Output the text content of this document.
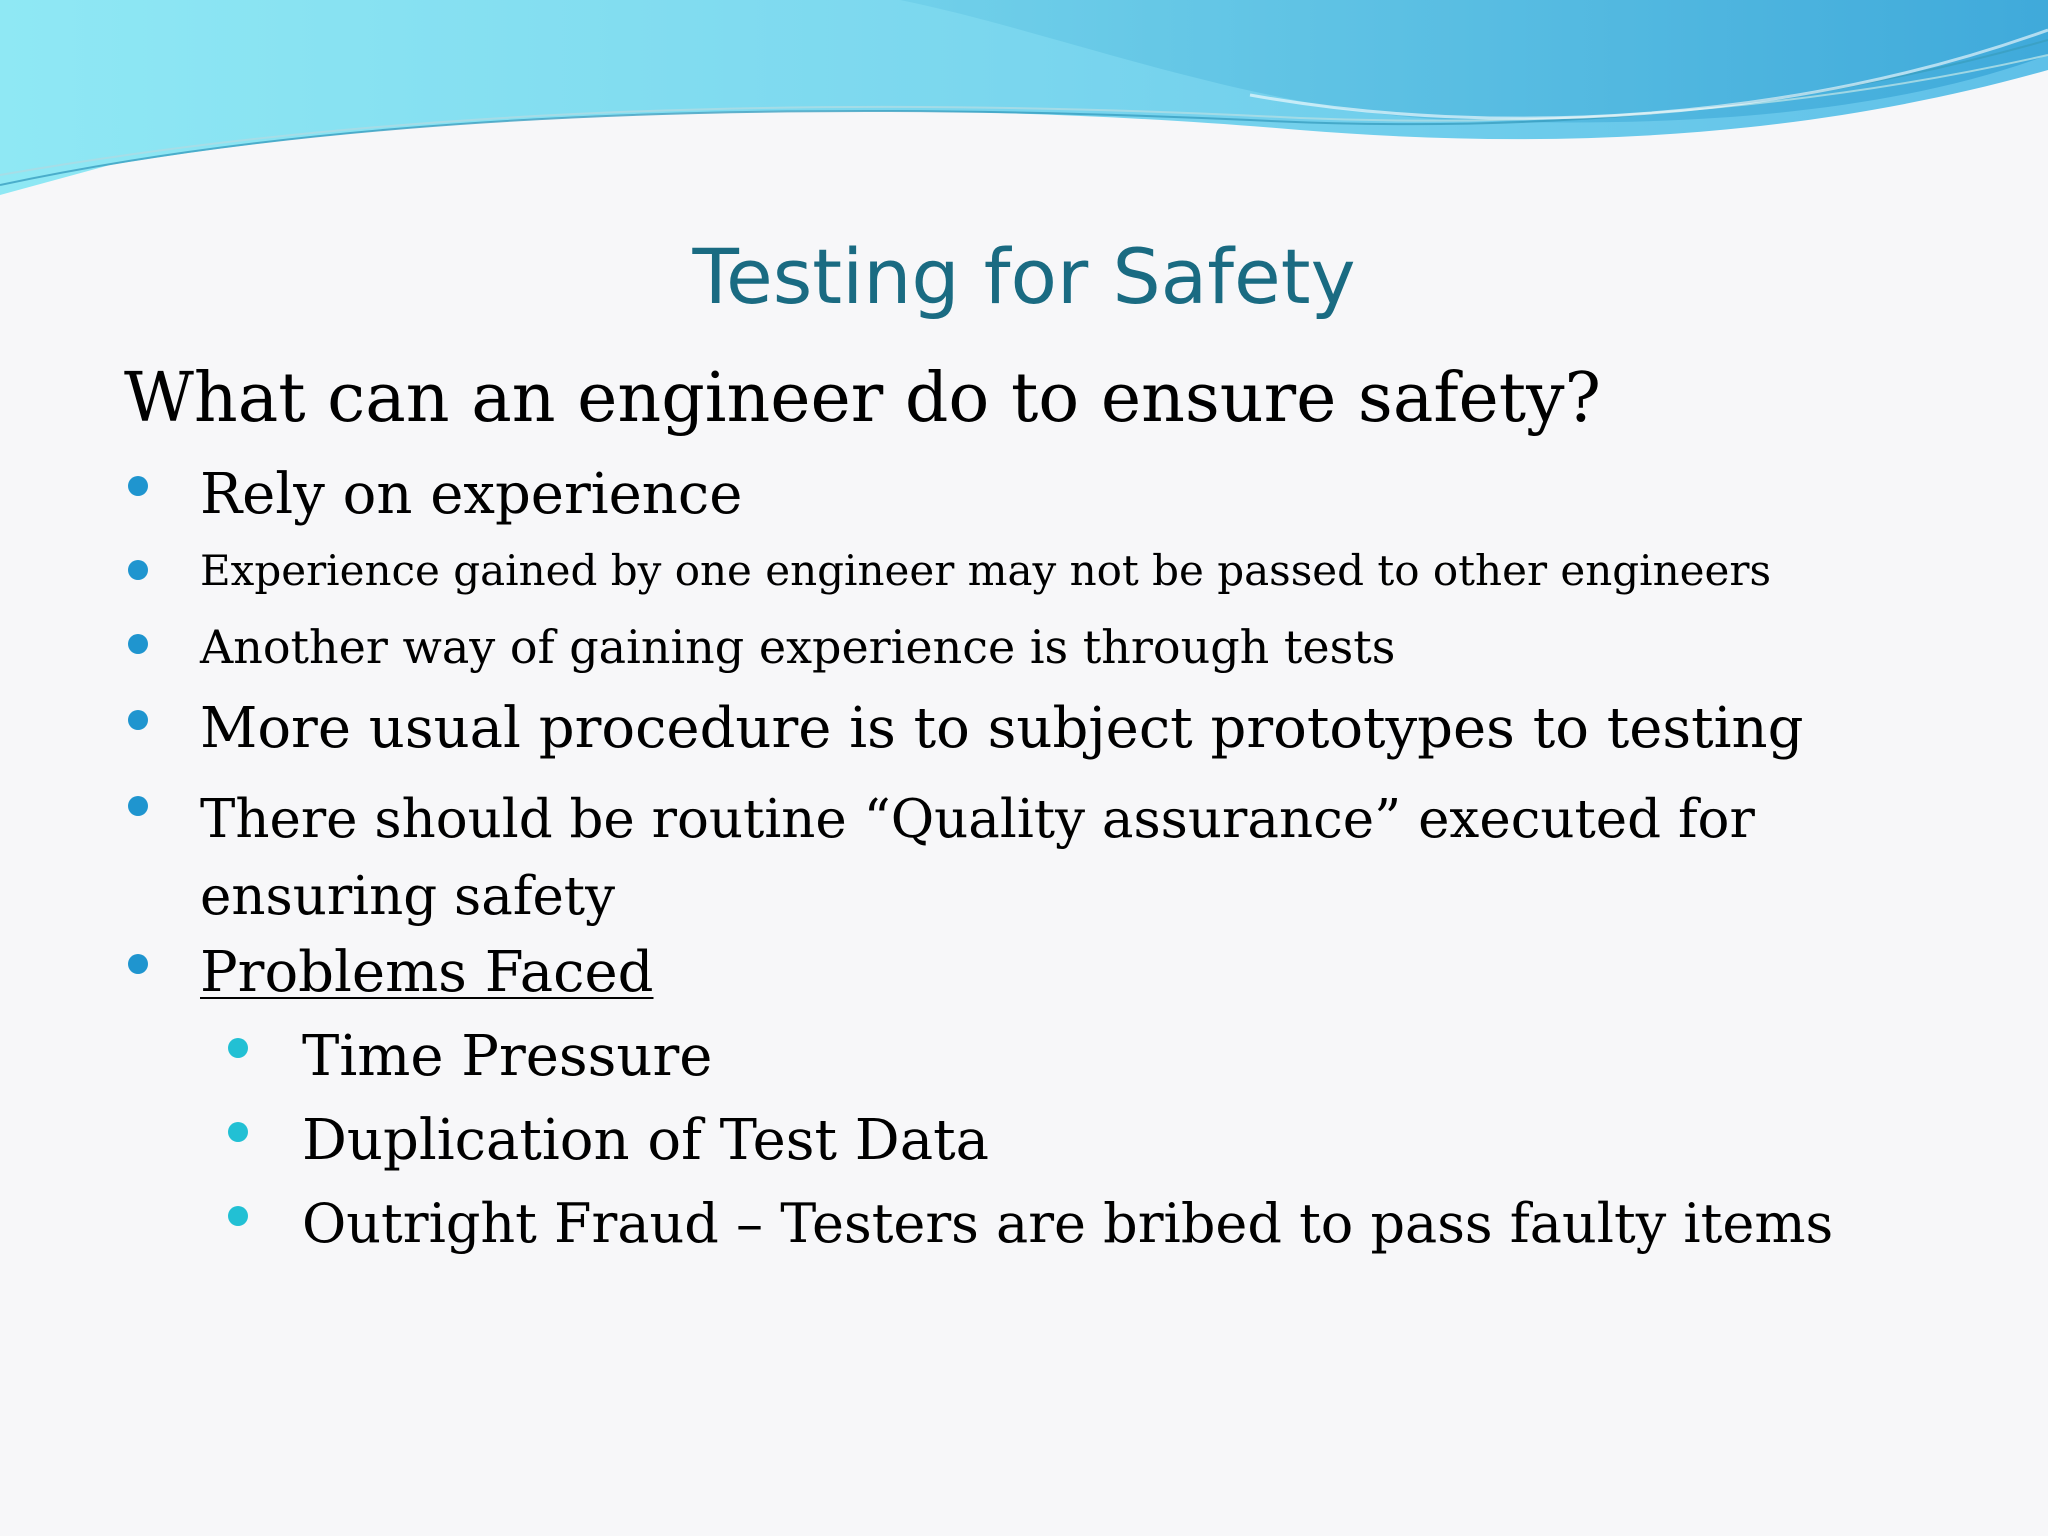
Testing for Safety
What can an engineer do to ensure safety?
Rely on experience
Experience gained by one engineer may not be passed to other engineers
Another way of gaining experience is through tests
More usual procedure is to subject prototypes to testing
There should be routine “Quality assurance” executed for ensuring safety
Problems Faced
Time Pressure
Duplication of Test Data
Outright Fraud – Testers are bribed to pass faulty items
